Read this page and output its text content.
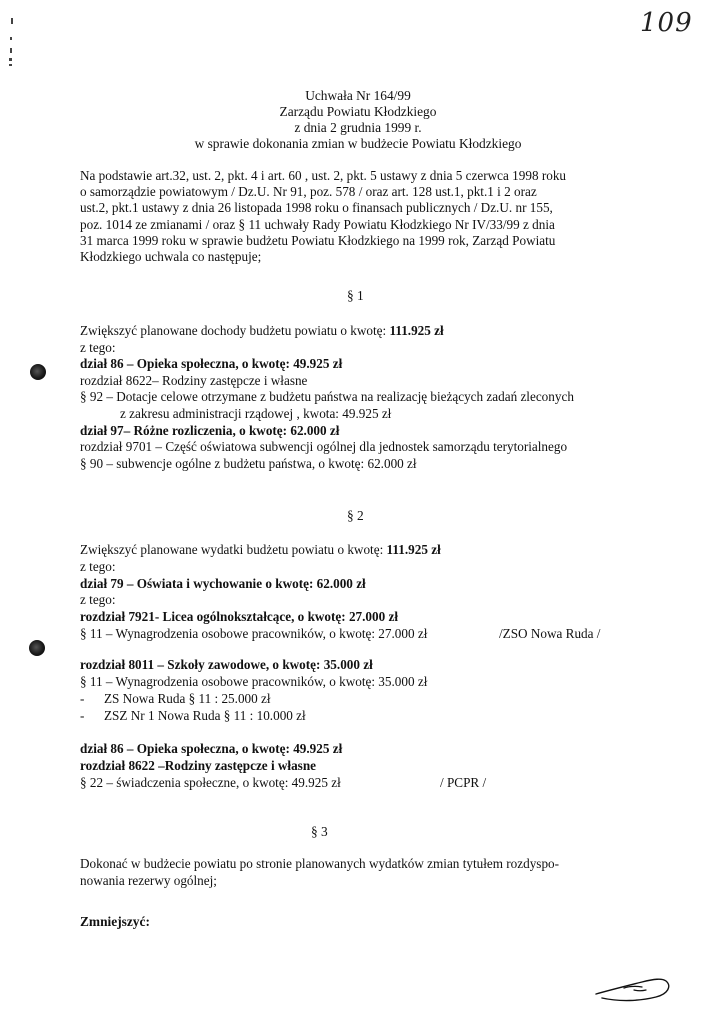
109
Uchwała Nr 164/99
Zarządu Powiatu Kłodzkiego
z dnia 2 grudnia 1999 r.
w sprawie dokonania zmian w budżecie Powiatu Kłodzkiego
Na podstawie art.32, ust. 2, pkt. 4 i art. 60 , ust. 2, pkt. 5 ustawy z dnia 5 czerwca 1998 roku
o samorządzie powiatowym / Dz.U. Nr 91, poz. 578 / oraz art. 128 ust.1, pkt.1 i 2 oraz
ust.2, pkt.1 ustawy z dnia 26 listopada 1998 roku o finansach publicznych / Dz.U. nr 155,
poz. 1014 ze zmianami / oraz § 11 uchwały Rady Powiatu Kłodzkiego Nr IV/33/99 z dnia
31 marca 1999 roku w sprawie budżetu Powiatu Kłodzkiego na 1999 rok, Zarząd Powiatu
Kłodzkiego uchwala co następuje;
§ 1
Zwiększyć planowane dochody budżetu powiatu o kwotę: 111.925 zł
z tego:
dział 86 – Opieka społeczna, o kwotę: 49.925 zł
rozdział 8622– Rodziny zastępcze i własne
§ 92 – Dotacje celowe otrzymane z budżetu państwa na realizację bieżących zadań zleconych
z zakresu administracji rządowej , kwota: 49.925 zł
dział 97– Różne rozliczenia, o kwotę: 62.000 zł
rozdział 9701 – Część oświatowa subwencji ogólnej dla jednostek samorządu terytorialnego
§ 90 – subwencje ogólne z budżetu państwa, o kwotę: 62.000 zł
§ 2
Zwiększyć planowane wydatki budżetu powiatu o kwotę: 111.925 zł
z tego:
dział 79 – Oświata i wychowanie o kwotę: 62.000 zł
z tego:
rozdział 7921- Licea ogólnokształcące, o kwotę: 27.000 zł
§ 11 – Wynagrodzenia osobowe pracowników, o kwotę: 27.000 zł	/ZSO Nowa Ruda /
rozdział 8011 – Szkoły zawodowe, o kwotę: 35.000 zł
§ 11 – Wynagrodzenia osobowe pracowników, o kwotę: 35.000 zł
- ZS Nowa Ruda § 11 : 25.000 zł
- ZSZ Nr 1 Nowa Ruda § 11 : 10.000 zł
dział 86 – Opieka społeczna, o kwotę: 49.925 zł
rozdział 8622 –Rodziny zastępcze i własne
§ 22 – świadczenia społeczne, o kwotę: 49.925 zł	/ PCPR /
§ 3
Dokonać w budżecie powiatu po stronie planowanych wydatków zmian tytułem rozdyspo-
nowania rezerwy ogólnej;
Zmniejszyć:
